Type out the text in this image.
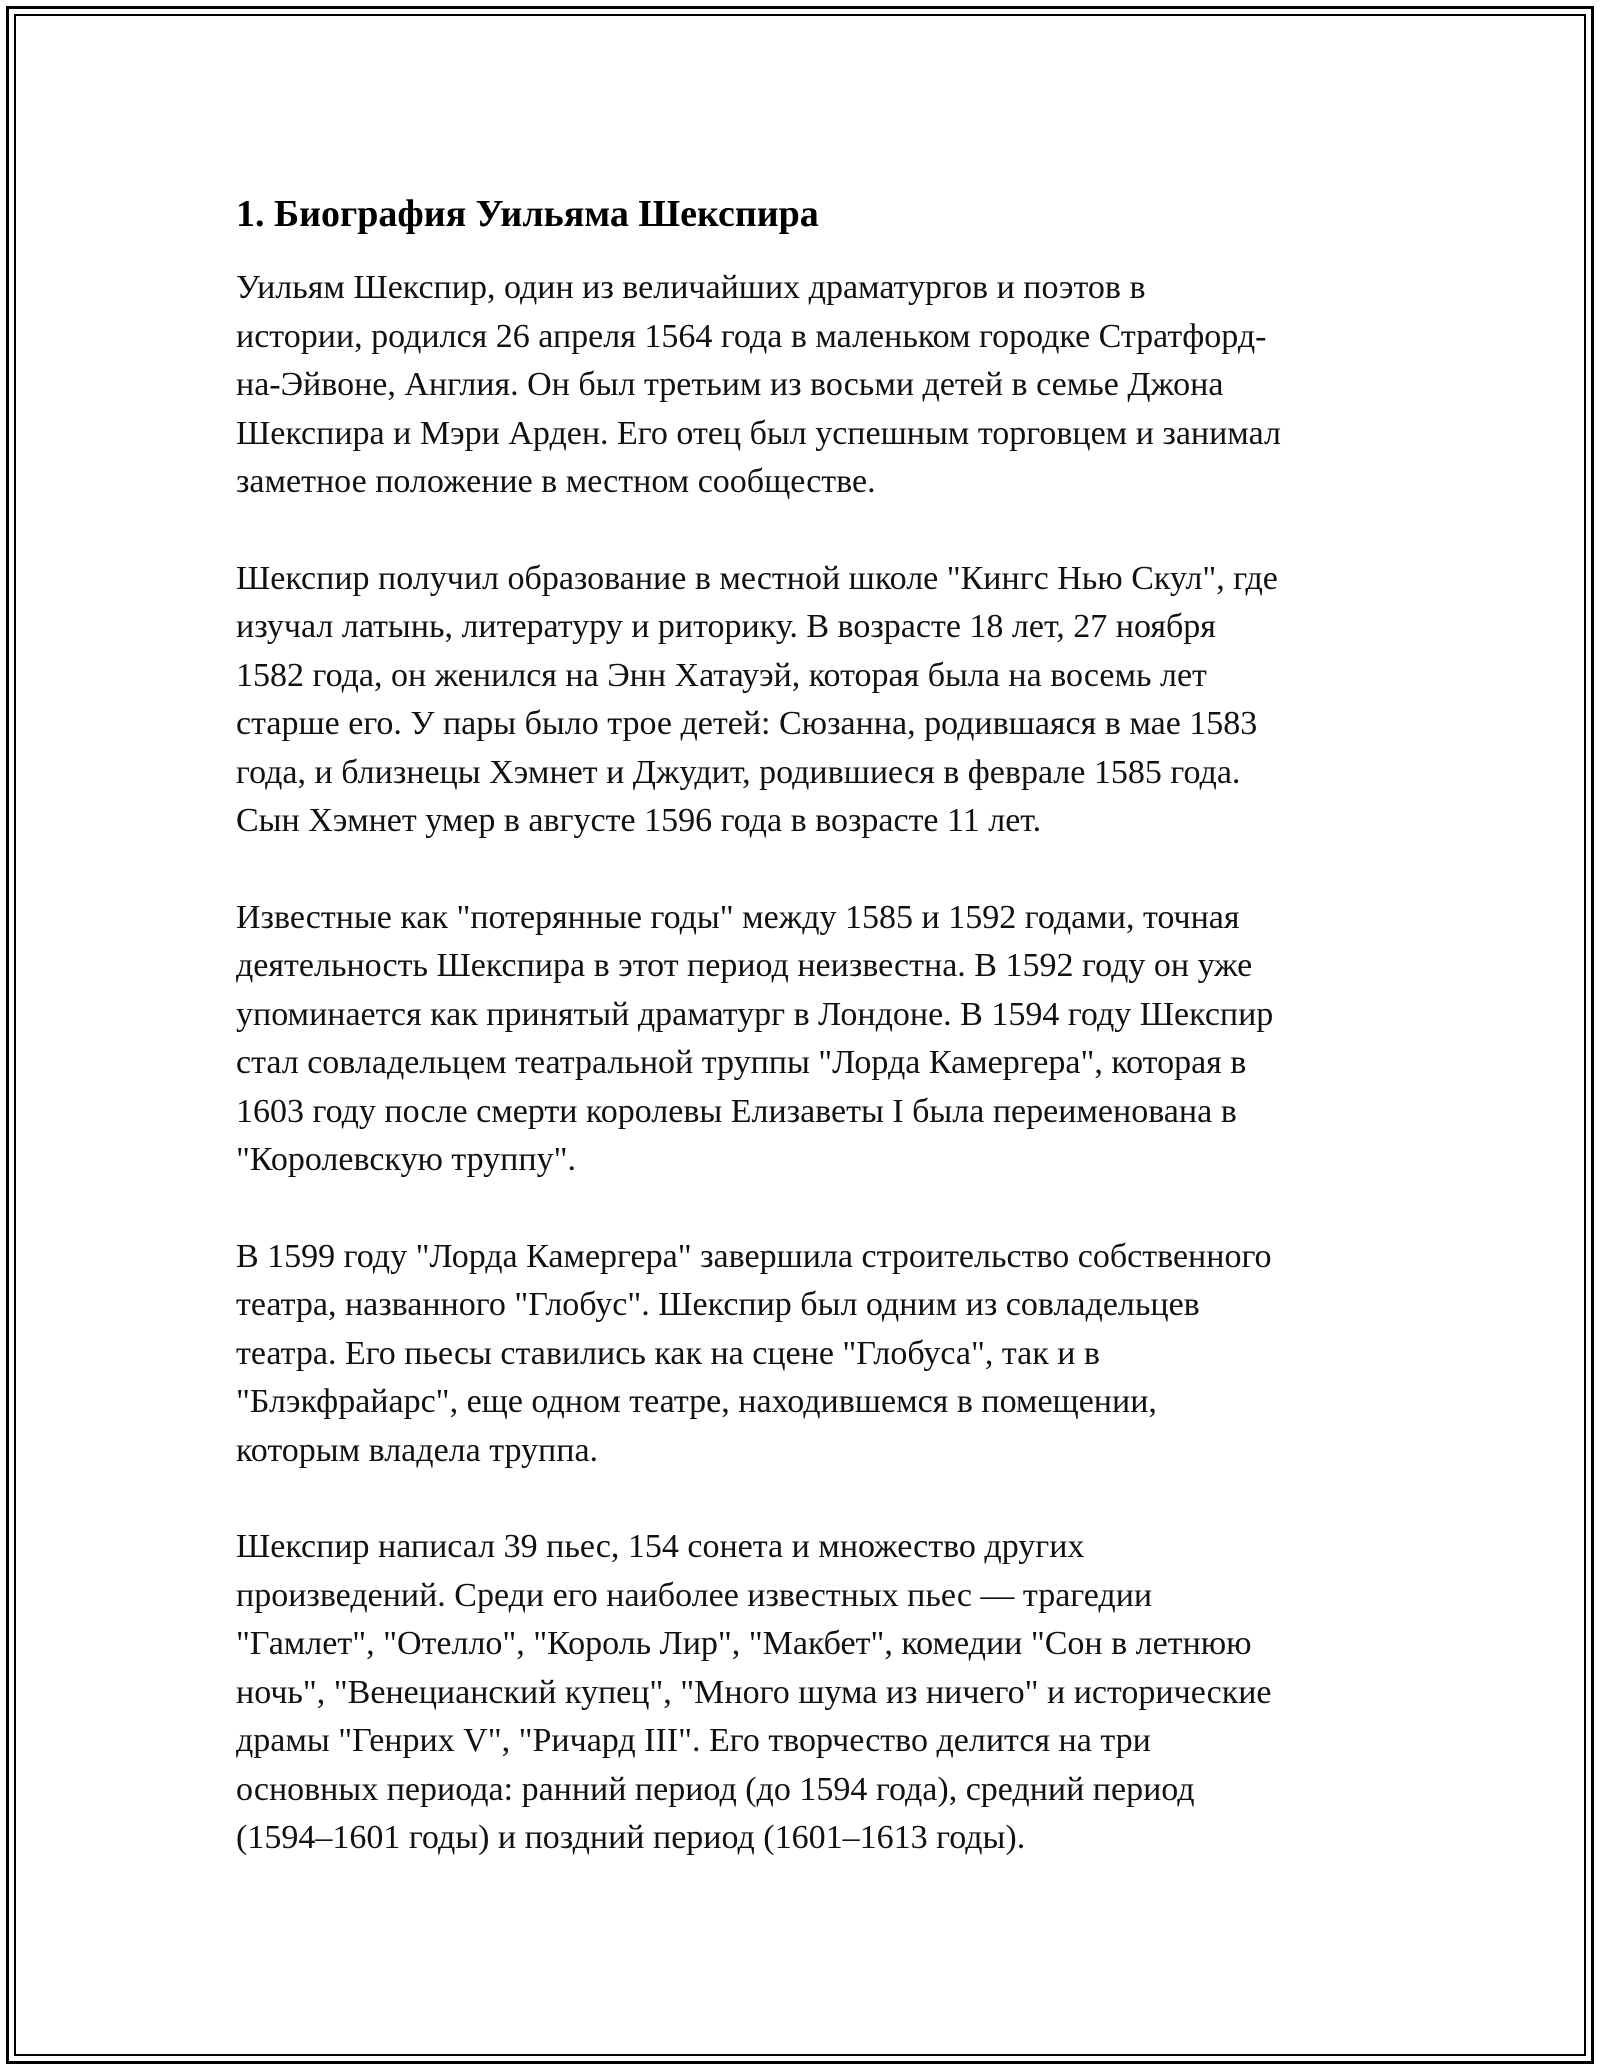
1. Биография Уильяма Шекспира

Уильям Шекспир, один из величайших драматургов и поэтов в
истории, родился 26 апреля 1564 года в маленьком городке Стратфорд-
на-Эйвоне, Англия. Он был третьим из восьми детей в семье Джона
Шекспира и Мэри Арден. Его отец был успешным торговцем и занимал
заметное положение в местном сообществе.

Шекспир получил образование в местной школе "Кингс Нью Скул", где
изучал латынь, литературу и риторику. В возрасте 18 лет, 27 ноября
1582 года, он женился на Энн Хатауэй, которая была на восемь лет
старше его. У пары было трое детей: Сюзанна, родившаяся в мае 1583
года, и близнецы Хэмнет и Джудит, родившиеся в феврале 1585 года.
Сын Хэмнет умер в августе 1596 года в возрасте 11 лет.

Известные как "потерянные годы" между 1585 и 1592 годами, точная
деятельность Шекспира в этот период неизвестна. В 1592 году он уже
упоминается как принятый драматург в Лондоне. В 1594 году Шекспир
стал совладельцем театральной труппы "Лорда Камергера", которая в
1603 году после смерти королевы Елизаветы I была переименована в
"Королевскую труппу".

В 1599 году "Лорда Камергера" завершила строительство собственного
театра, названного "Глобус". Шекспир был одним из совладельцев
театра. Его пьесы ставились как на сцене "Глобуса", так и в
"Блэкфрайарс", еще одном театре, находившемся в помещении,
которым владела труппа.

Шекспир написал 39 пьес, 154 сонета и множество других
произведений. Среди его наиболее известных пьес — трагедии
"Гамлет", "Отелло", "Король Лир", "Макбет", комедии "Сон в летнюю
ночь", "Венецианский купец", "Много шума из ничего" и исторические
драмы "Генрих V", "Ричард III". Его творчество делится на три
основных периода: ранний период (до 1594 года), средний период
(1594–1601 годы) и поздний период (1601–1613 годы).
